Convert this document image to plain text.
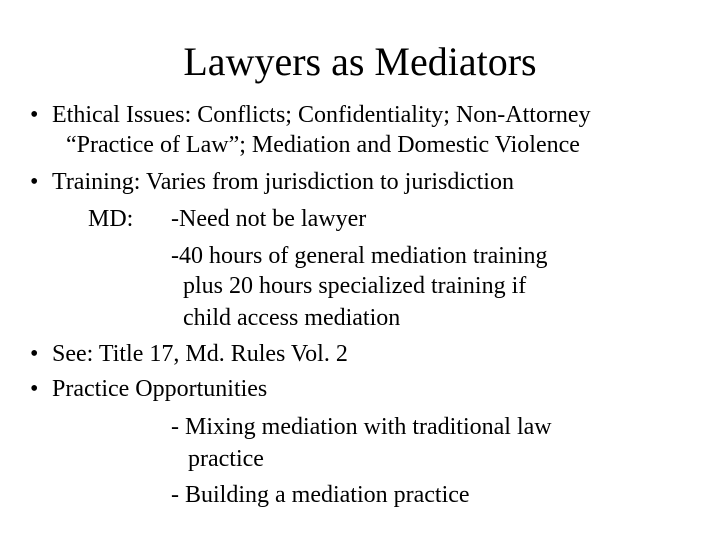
Lawyers as Mediators
• Ethical Issues: Conflicts; Confidentiality; Non-Attorney
“Practice of Law”; Mediation and Domestic Violence
• Training: Varies from jurisdiction to jurisdiction
MD: -Need not be lawyer
-40 hours of general mediation training
plus 20 hours specialized training if
child access mediation
• See: Title 17, Md. Rules Vol. 2
• Practice Opportunities
- Mixing mediation with traditional law
practice
- Building a mediation practice
